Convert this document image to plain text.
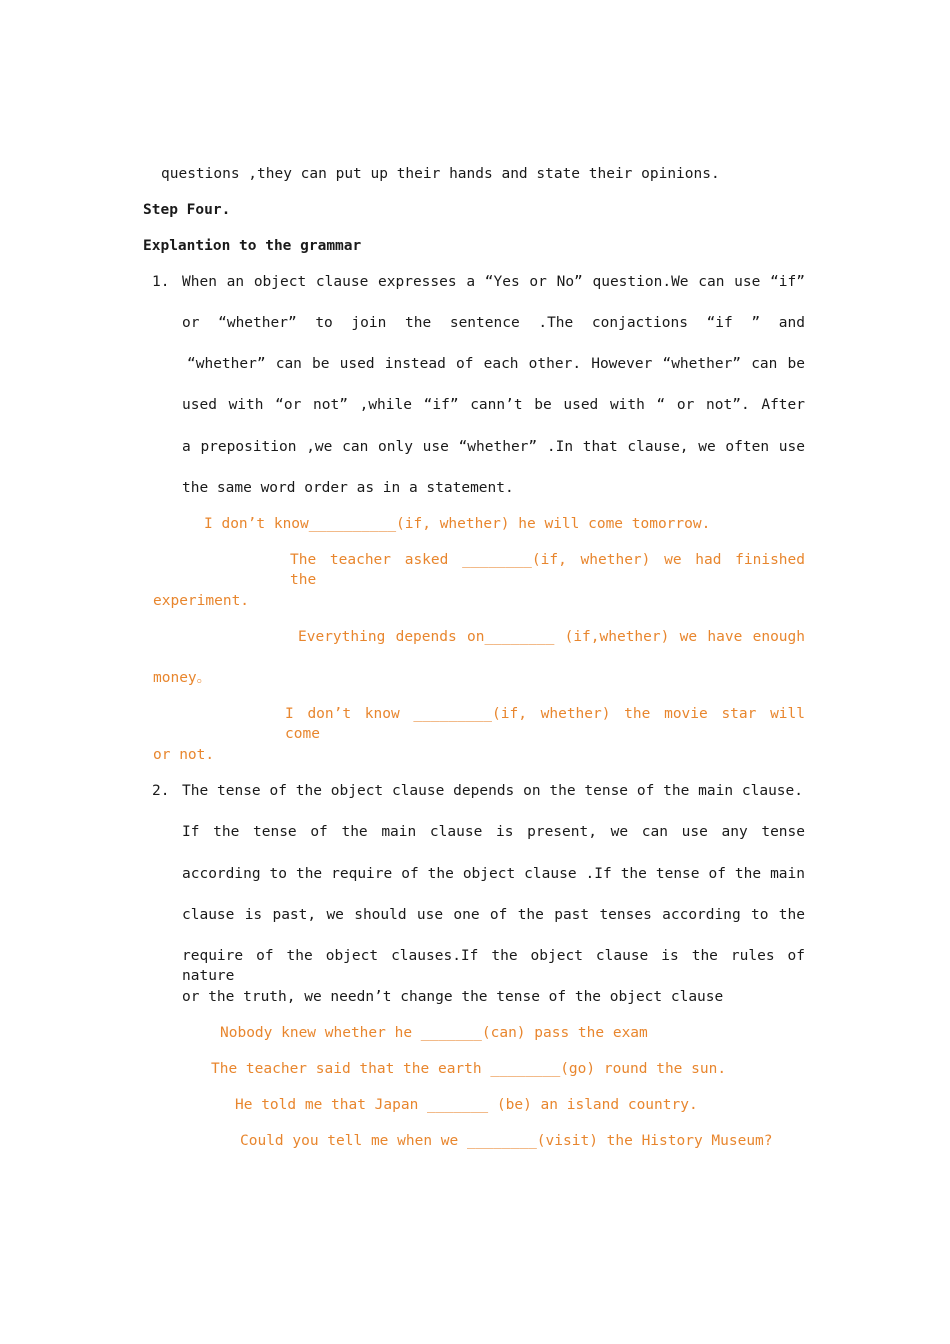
questions ,they can put up their hands and state their opinions.
Step Four.
Explantion to the grammar
1. When an object clause expresses a “Yes or No” question.We can use “if”
or “whether” to join the sentence .The conjactions “if ” and
“whether” can be used instead of each other. However “whether” can be
used with “or not” ,while “if” cann’t be used with “ or not”. After
a preposition ,we can only use “whether” .In that clause, we often use
the same word order as in a statement.
I don’t know__________(if, whether) he will come tomorrow.
The teacher asked ________(if, whether) we had finished the
experiment.
Everything depends on________ (if,whether) we have enough
money。
I don’t know _________(if, whether) the movie star will come
or not.
2. The tense of the object clause depends on the tense of the main clause.
If the tense of the main clause is present, we can use any tense
according to the require of the object clause .If the tense of the main
clause is past, we should use one of the past tenses according to the
require of the object clauses.If the object clause is the rules of nature
or the truth, we needn’t change the tense of the object clause
Nobody knew whether he _______(can) pass the exam
The teacher said that the earth ________(go) round the sun.
He told me that Japan _______ (be) an island country.
Could you tell me when we ________(visit) the History Museum?
